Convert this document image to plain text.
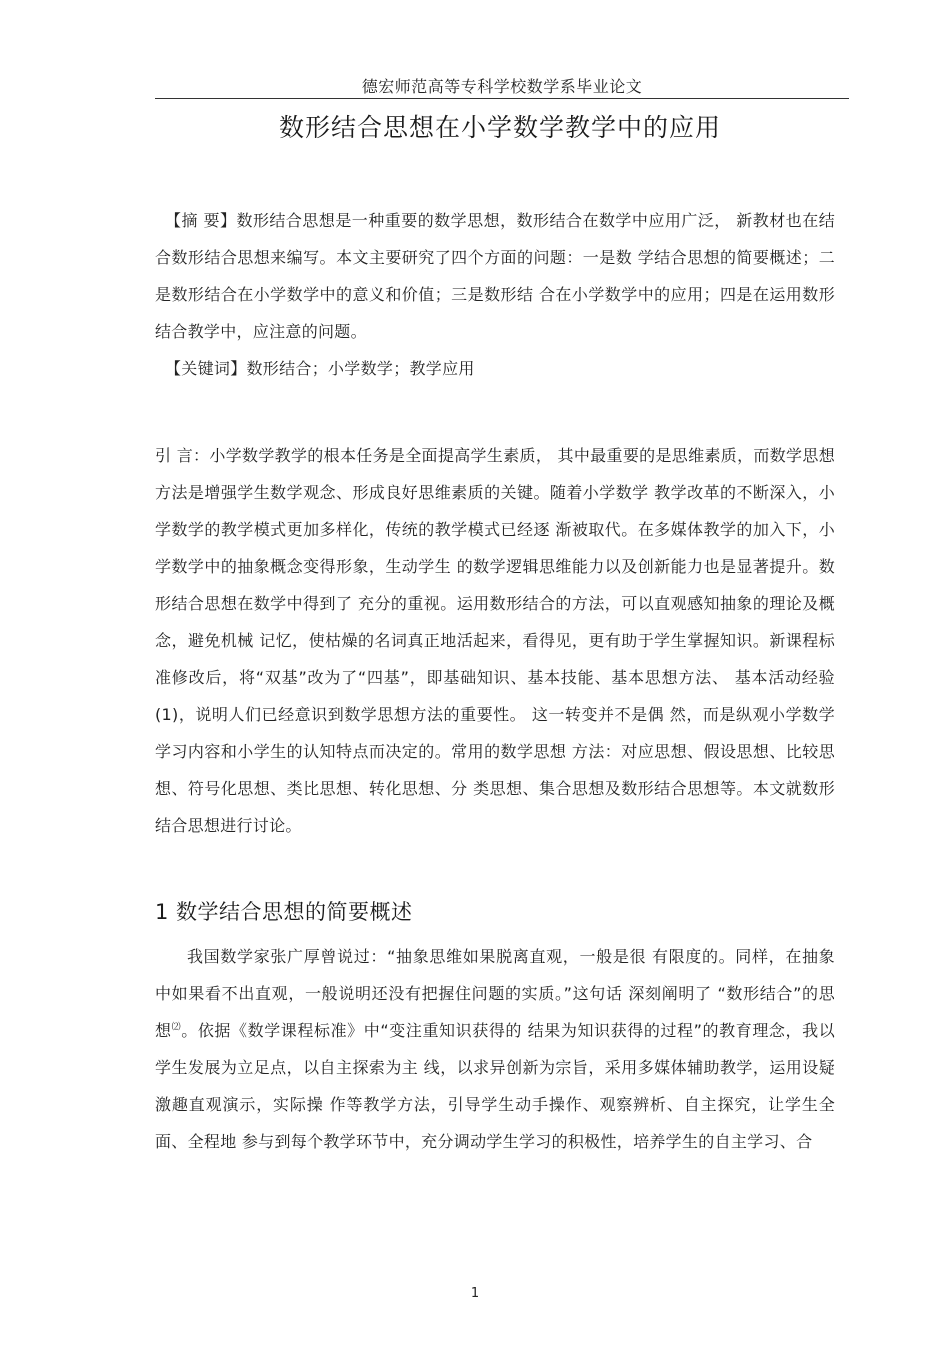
德宏师范高等专科学校数学系毕业论文
数形结合思想在小学数学教学中的应用
【摘 要】数形结合思想是一种重要的数学思想，数形结合在数学中应用广泛， 新教材也在结合数形结合思想来编写。本文主要研究了四个方面的问题：一是数 学结合思想的简要概述；二是数形结合在小学数学中的意义和价值；三是数形结 合在小学数学中的应用；四是在运用数形结合教学中，应注意的问题。
【关键词】数形结合；小学数学；教学应用
引 言：小学数学教学的根本任务是全面提高学生素质， 其中最重要的是思维素质，而数学思想方法是增强学生数学观念、形成良好思维素质的关键。随着小学数学 教学改革的不断深入，小学数学的教学模式更加多样化，传统的教学模式已经逐 渐被取代。在多媒体教学的加入下，小学数学中的抽象概念变得形象，生动学生 的数学逻辑思维能力以及创新能力也是显著提升。数形结合思想在数学中得到了 充分的重视。运用数形结合的方法，可以直观感知抽象的理论及概念，避免机械 记忆，使枯燥的名词真正地活起来，看得见，更有助于学生掌握知识。新课程标 准修改后，将“双基”改为了“四基”，即基础知识、基本技能、基本思想方法、 基本活动经验(1)，说明人们已经意识到数学思想方法的重要性。 这一转变并不是偶 然，而是纵观小学数学学习内容和小学生的认知特点而决定的。常用的数学思想 方法：对应思想、假设思想、比较思想、符号化思想、类比思想、转化思想、分 类思想、集合思想及数形结合思想等。本文就数形结合思想进行讨论。
1 数学结合思想的简要概述
我国数学家张广厚曾说过：“抽象思维如果脱离直观，一般是很 有限度的。同样，在抽象中如果看不出直观，一般说明还没有把握住问题的实质。”这句话 深刻阐明了 “数形结合”的思想⑵。依据《数学课程标准》中“变注重知识获得的 结果为知识获得的过程”的教育理念，我以学生发展为立足点，以自主探索为主 线，以求异创新为宗旨，采用多媒体辅助教学，运用设疑激趣直观演示，实际操 作等教学方法，引导学生动手操作、观察辨析、自主探究，让学生全面、全程地 参与到每个教学环节中，充分调动学生学习的积极性，培养学生的自主学习、合
1
